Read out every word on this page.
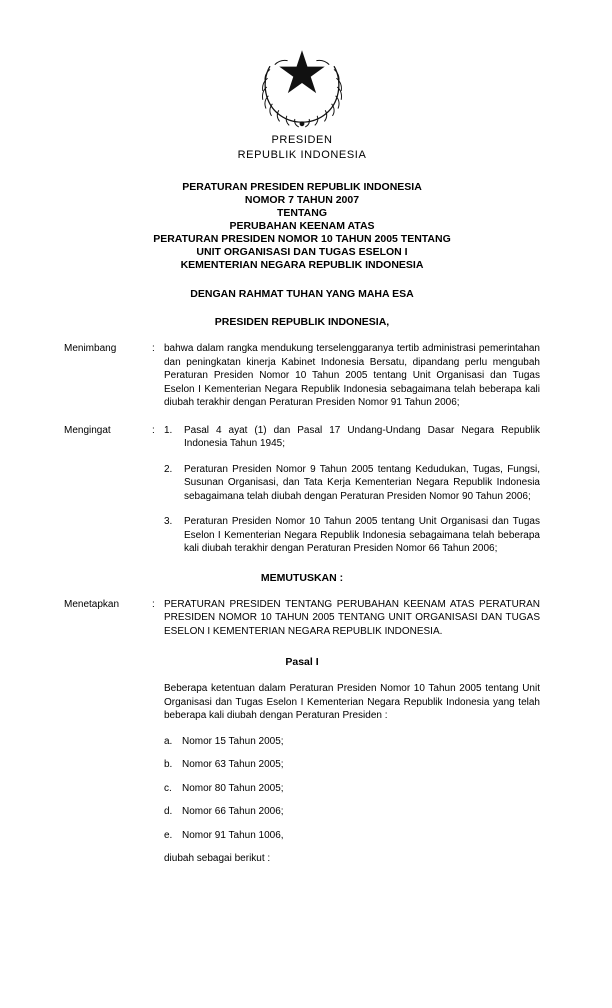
PRESIDEN
REPUBLIK INDONESIA
PERATURAN PRESIDEN REPUBLIK INDONESIA
NOMOR 7 TAHUN 2007
TENTANG
PERUBAHAN KEENAM ATAS
PERATURAN PRESIDEN NOMOR 10 TAHUN 2005 TENTANG
UNIT ORGANISASI DAN TUGAS ESELON I
KEMENTERIAN NEGARA REPUBLIK INDONESIA
DENGAN RAHMAT TUHAN YANG MAHA ESA
PRESIDEN REPUBLIK INDONESIA,
Menimbang	: bahwa dalam rangka mendukung terselenggaranya tertib administrasi pemerintahan dan peningkatan kinerja Kabinet Indonesia Bersatu, dipandang perlu mengubah Peraturan Presiden Nomor 10 Tahun 2005 tentang Unit Organisasi dan Tugas Eselon I Kementerian Negara Republik Indonesia sebagaimana telah beberapa kali diubah terakhir dengan Peraturan Presiden Nomor 91 Tahun 2006;
Mengingat	: 1.	Pasal 4 ayat (1) dan Pasal 17 Undang-Undang Dasar Negara Republik Indonesia Tahun 1945;
2.	Peraturan Presiden Nomor 9 Tahun 2005 tentang Kedudukan, Tugas, Fungsi, Susunan Organisasi, dan Tata Kerja Kementerian Negara Republik Indonesia sebagaimana telah diubah dengan Peraturan Presiden Nomor 90 Tahun 2006;
3.	Peraturan Presiden Nomor 10 Tahun 2005 tentang Unit Organisasi dan Tugas Eselon I Kementerian Negara Republik Indonesia sebagaimana telah beberapa kali diubah terakhir dengan Peraturan Presiden Nomor 66 Tahun 2006;
MEMUTUSKAN :
Menetapkan	: PERATURAN PRESIDEN TENTANG PERUBAHAN KEENAM ATAS PERATURAN PRESIDEN NOMOR 10 TAHUN 2005 TENTANG UNIT ORGANISASI DAN TUGAS ESELON I KEMENTERIAN NEGARA REPUBLIK INDONESIA.
Pasal I

Beberapa ketentuan dalam Peraturan Presiden Nomor 10 Tahun 2005 tentang Unit Organisasi dan Tugas Eselon I Kementerian Negara Republik Indonesia yang telah beberapa kali diubah dengan Peraturan Presiden :

a. Nomor 15 Tahun 2005;
b. Nomor 63 Tahun 2005;
c.	Nomor 80 Tahun 2005;
d. Nomor 66 Tahun 2006;
e. Nomor 91 Tahun 1006,

diubah sebagai berikut :
